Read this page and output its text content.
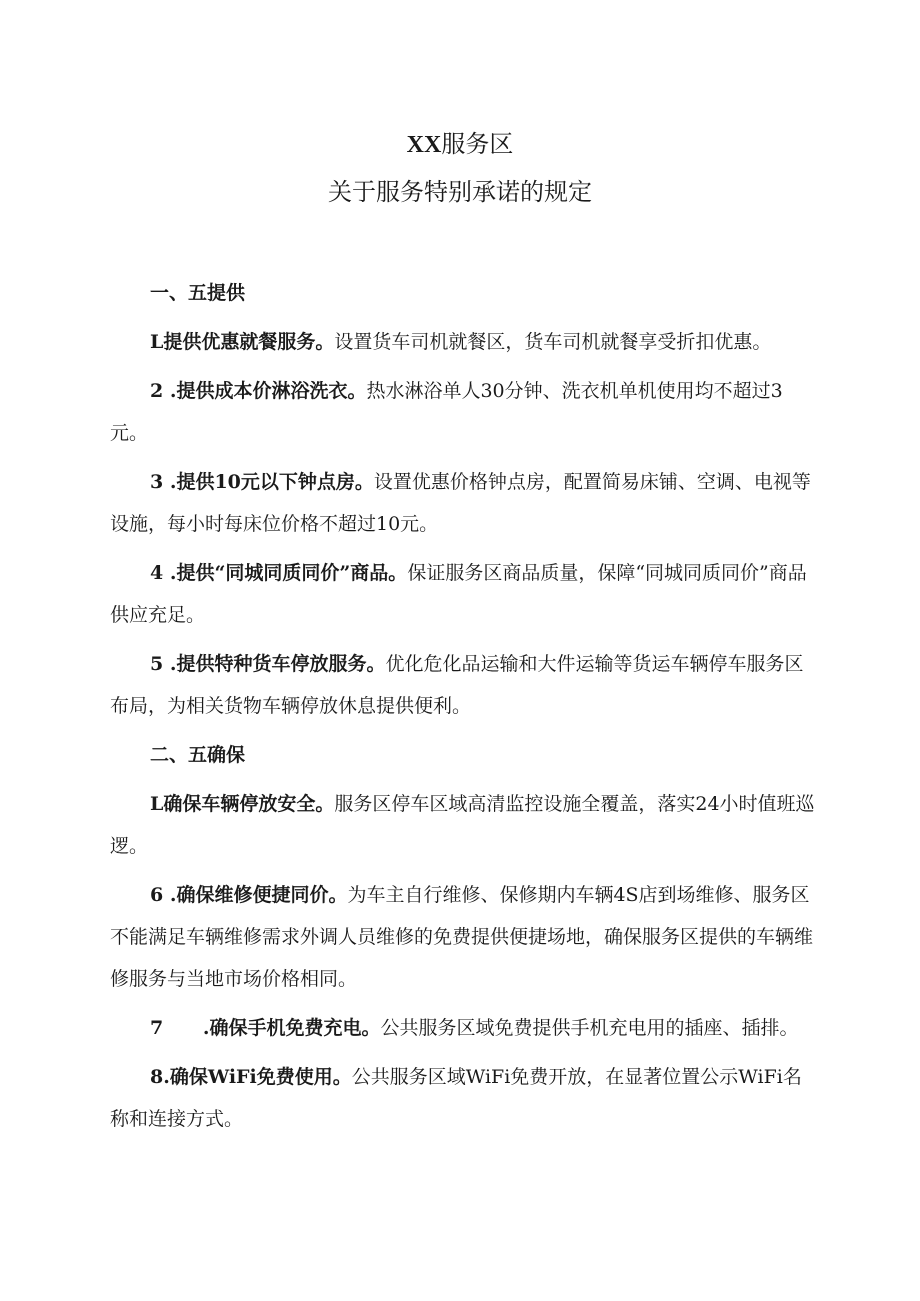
XX服务区
关于服务特别承诺的规定

一、五提供

L提供优惠就餐服务。设置货车司机就餐区，货车司机就餐享受折扣优惠。

2 .提供成本价淋浴洗衣。热水淋浴单人30分钟、洗衣机单机使用均不超过3元。

3 .提供10元以下钟点房。设置优惠价格钟点房，配置简易床铺、空调、电视等设施，每小时每床位价格不超过10元。

4 .提供“同城同质同价”商品。保证服务区商品质量，保障“同城同质同价”商品供应充足。

5 .提供特种货车停放服务。优化危化品运输和大件运输等货运车辆停车服务区布局，为相关货物车辆停放休息提供便利。

二、五确保

L确保车辆停放安全。服务区停车区域高清监控设施全覆盖，落实24小时值班巡逻。

6 .确保维修便捷同价。为车主自行维修、保修期内车辆4S店到场维修、服务区不能满足车辆维修需求外调人员维修的免费提供便捷场地，确保服务区提供的车辆维修服务与当地市场价格相同。

7      .确保手机免费充电。公共服务区域免费提供手机充电用的插座、插排。

8.确保WiFi免费使用。公共服务区域WiFi免费开放，在显著位置公示WiFi名称和连接方式。
